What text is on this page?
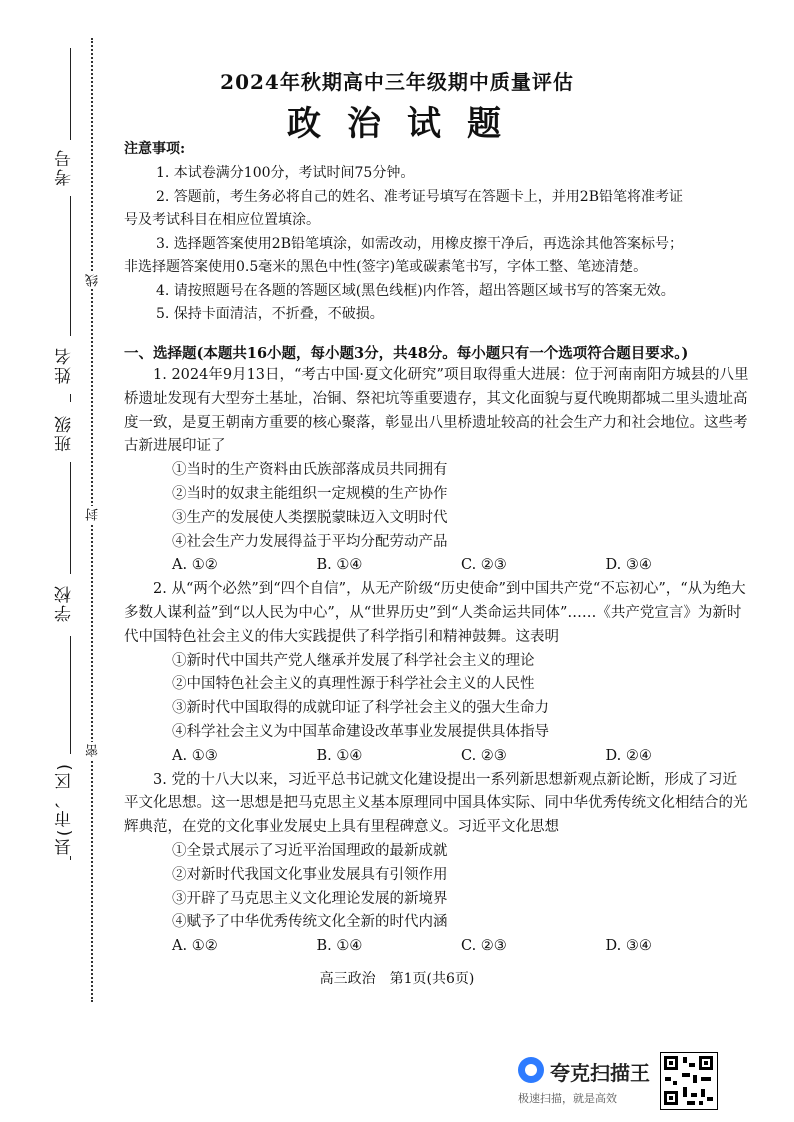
考号
姓名
班级
学校
县(市、区)
线
封
密
2024年秋期高中三年级期中质量评估
政治试题
注意事项:
1. 本试卷满分100分，考试时间75分钟。
2. 答题前，考生务必将自己的姓名、准考证号填写在答题卡上，并用2B铅笔将准考证
号及考试科目在相应位置填涂。
3. 选择题答案使用2B铅笔填涂，如需改动，用橡皮擦干净后，再选涂其他答案标号；
非选择题答案使用0.5毫米的黑色中性(签字)笔或碳素笔书写，字体工整、笔迹清楚。
4. 请按照题号在各题的答题区域(黑色线框)内作答，超出答题区域书写的答案无效。
5. 保持卡面清洁，不折叠，不破损。
一、选择题(本题共16小题，每小题3分，共48分。每小题只有一个选项符合题目要求。)

1. 2024年9月13日，“考古中国·夏文化研究”项目取得重大进展：位于河南南阳方城县的八里桥遗址发现有大型夯土基址，冶铜、祭祀坑等重要遗存，其文化面貌与夏代晚期都城二里头遗址高度一致，是夏王朝南方重要的核心聚落，彰显出八里桥遗址较高的社会生产力和社会地位。这些考古新进展印证了

①当时的生产资料由氏族部落成员共同拥有

②当时的奴隶主能组织一定规模的生产协作

③生产的发展使人类摆脱蒙昧迈入文明时代

④社会生产力发展得益于平均分配劳动产品

A. ①②	B. ①④	C. ②③	D. ③④

2. 从“两个必然”到“四个自信”，从无产阶级“历史使命”到中国共产党“不忘初心”，“从为绝大多数人谋利益”到“以人民为中心”，从“世界历史”到“人类命运共同体”……《共产党宣言》为新时代中国特色社会主义的伟大实践提供了科学指引和精神鼓舞。这表明

①新时代中国共产党人继承并发展了科学社会主义的理论

②中国特色社会主义的真理性源于科学社会主义的人民性

③新时代中国取得的成就印证了科学社会主义的强大生命力

④科学社会主义为中国革命建设改革事业发展提供具体指导

A. ①③	B. ①④	C. ②③	D. ②④

3. 党的十八大以来，习近平总书记就文化建设提出一系列新思想新观点新论断，形成了习近平文化思想。这一思想是把马克思主义基本原理同中国具体实际、同中华优秀传统文化相结合的光辉典范，在党的文化事业发展史上具有里程碑意义。习近平文化思想

①全景式展示了习近平治国理政的最新成就

②对新时代我国文化事业发展具有引领作用

③开辟了马克思主义文化理论发展的新境界

④赋予了中华优秀传统文化全新的时代内涵

A. ①②	B. ①④	C. ②③	D. ③④
高三政治　第1页(共6页)
夸克扫描王
极速扫描，就是高效
